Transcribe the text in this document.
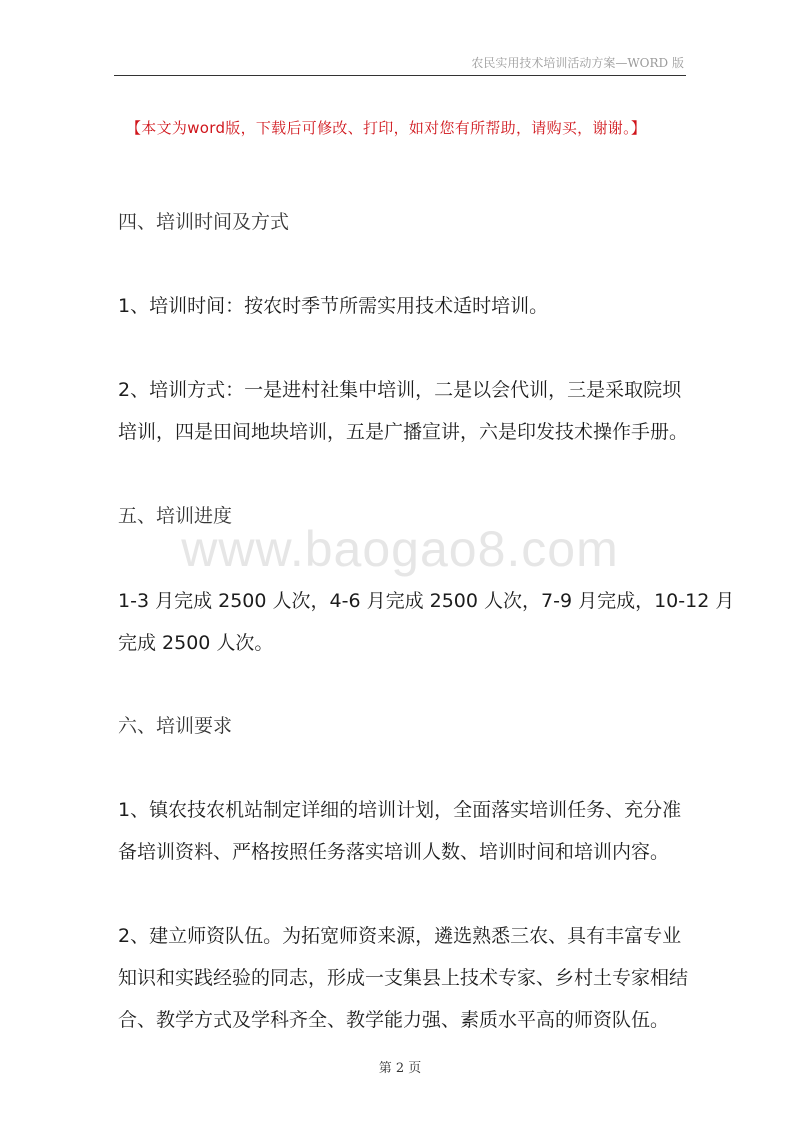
农民实用技术培训活动方案—WORD 版
【本文为word版，下载后可修改、打印，如对您有所帮助，请购买，谢谢。】
四、培训时间及方式
1、培训时间：按农时季节所需实用技术适时培训。
2、培训方式：一是进村社集中培训，二是以会代训，三是采取院坝
培训，四是田间地块培训，五是广播宣讲，六是印发技术操作手册。
五、培训进度
www.baogao8.com
1-3 月完成 2500 人次，4-6 月完成 2500 人次，7-9 月完成，10-12 月
完成 2500 人次。
六、培训要求
1、镇农技农机站制定详细的培训计划，全面落实培训任务、充分准
备培训资料、严格按照任务落实培训人数、培训时间和培训内容。
2、建立师资队伍。为拓宽师资来源，遴选熟悉三农、具有丰富专业
知识和实践经验的同志，形成一支集县上技术专家、乡村土专家相结
合、教学方式及学科齐全、教学能力强、素质水平高的师资队伍。
第 2 页
